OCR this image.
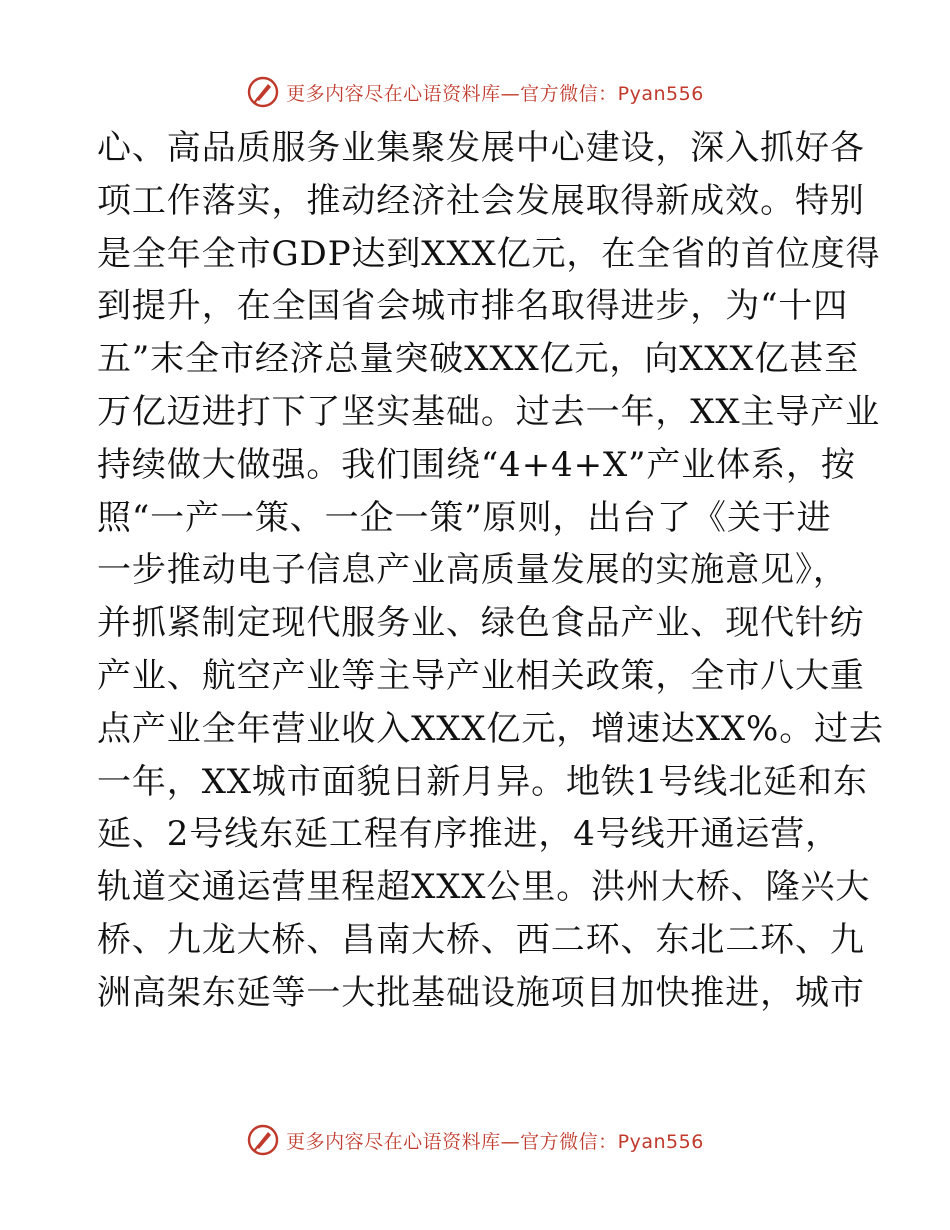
更多内容尽在心语资料库—官方微信：Pyan556
心、高品质服务业集聚发展中心建设，深入抓好各
项工作落实，推动经济社会发展取得新成效。特别
是全年全市GDP达到XXX亿元，在全省的首位度得
到提升，在全国省会城市排名取得进步，为“十四
五”末全市经济总量突破XXX亿元，向XXX亿甚至
万亿迈进打下了坚实基础。过去一年，XX主导产业
持续做大做强。我们围绕“4+4+X”产业体系，按
照“一产一策、一企一策”原则，出台了《关于进
一步推动电子信息产业高质量发展的实施意见》，
并抓紧制定现代服务业、绿色食品产业、现代针纺
产业、航空产业等主导产业相关政策，全市八大重
点产业全年营业收入XXX亿元，增速达XX%。过去
一年，XX城市面貌日新月异。地铁1号线北延和东
延、2号线东延工程有序推进，4号线开通运营，
轨道交通运营里程超XXX公里。洪州大桥、隆兴大
桥、九龙大桥、昌南大桥、西二环、东北二环、九
洲高架东延等一大批基础设施项目加快推进，城市
更多内容尽在心语资料库—官方微信：Pyan556
